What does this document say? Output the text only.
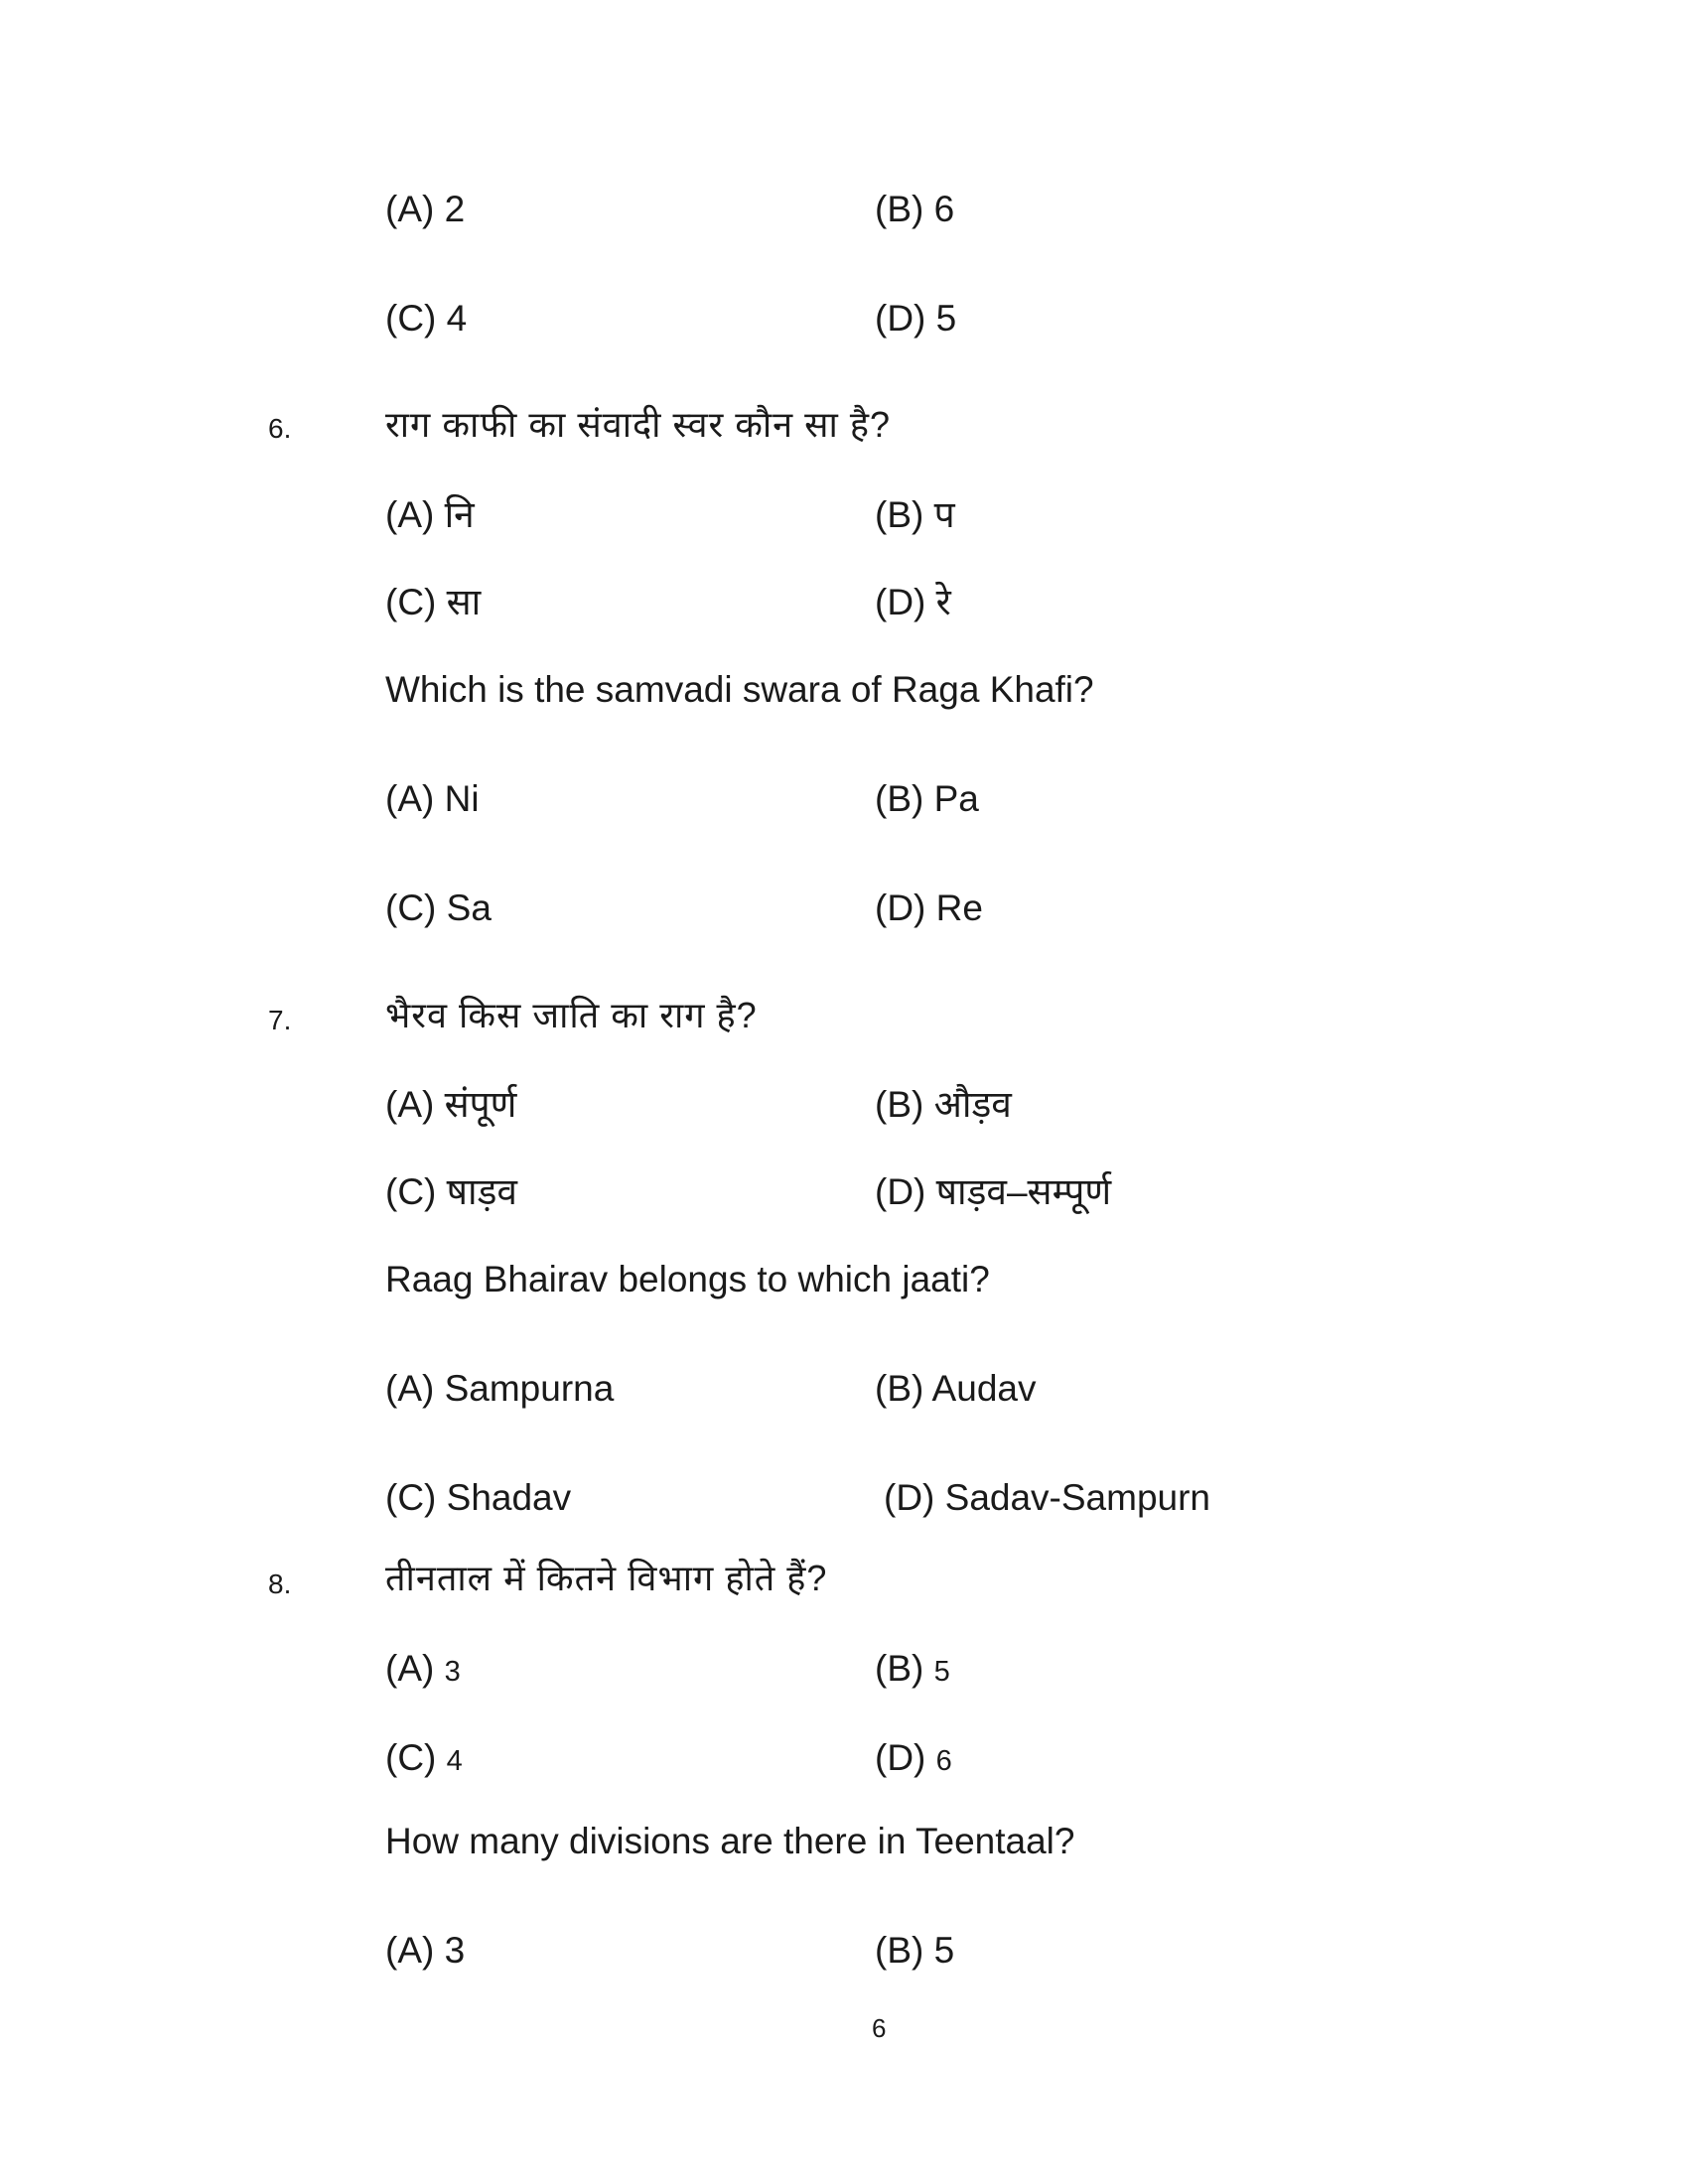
(A) 2	(B) 6
(C) 4	(D) 5
6.	राग काफी का संवादी स्वर कौन सा है?
(A) नि	(B) प
(C) सा	(D) रे
Which is the samvadi swara of Raga Khafi?
(A) Ni	(B) Pa
(C) Sa	(D) Re
7.	भैरव किस जाति का राग है?
(A) संपूर्ण	(B) औड़व
(C) षाड़व	(D) षाड़व–सम्पूर्ण
Raag Bhairav belongs to which jaati?
(A) Sampurna	(B) Audav
(C) Shadav	(D) Sadav-Sampurn
8.	तीनताल में कितने विभाग होते हैं?
(A) 3	(B) 5
(C) 4	(D) 6
How many divisions are there in Teentaal?
(A) 3	(B) 5
6
